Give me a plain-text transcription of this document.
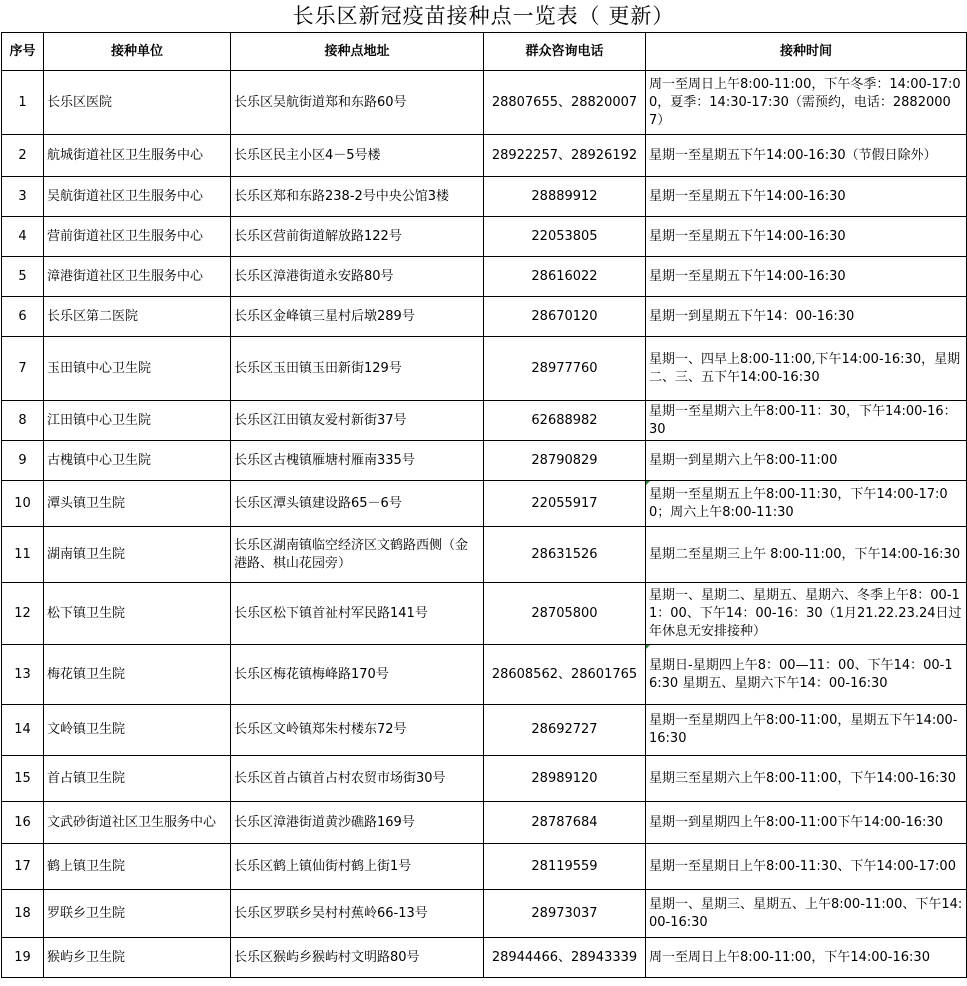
长乐区新冠疫苗接种点一览表（ 更新）
序号	接种单位	接种点地址	群众咨询电话	接种时间
1	长乐区医院	长乐区吴航街道郑和东路60号	28807655、28820007	周一至周日上午8:00-11:00，下午冬季：14:00-17:00，夏季：14:30-17:30（需预约，电话：28820007）
2	航城街道社区卫生服务中心	长乐区民主小区4－5号楼	28922257、28926192	星期一至星期五下午14:00-16:30（节假日除外）
3	吴航街道社区卫生服务中心	长乐区郑和东路238-2号中央公馆3楼	28889912	星期一至星期五下午14:00-16:30
4	营前街道社区卫生服务中心	长乐区营前街道解放路122号	22053805	星期一至星期五下午14:00-16:30
5	漳港街道社区卫生服务中心	长乐区漳港街道永安路80号	28616022	星期一至星期五下午14:00-16:30
6	长乐区第二医院	长乐区金峰镇三星村后墩289号	28670120	星期一到星期五下午14：00-16:30
7	玉田镇中心卫生院	长乐区玉田镇玉田新街129号	28977760	星期一、四早上8:00-11:00,下午14:00-16:30，星期二、三、五下午14:00-16:30
8	江田镇中心卫生院	长乐区江田镇友爱村新街37号	62688982	星期一至星期六上午8:00-11：30，下午14:00-16：30
9	古槐镇中心卫生院	长乐区古槐镇雁塘村雁南335号	28790829	星期一到星期六上午8:00-11:00
10	潭头镇卫生院	长乐区潭头镇建设路65－6号	22055917	星期一至星期五上午8:00-11:30，下午14:00-17:00；周六上午8:00-11:30
11	湖南镇卫生院	长乐区湖南镇临空经济区文鹤路西侧（金港路、棋山花园旁）	28631526	星期二至星期三上午 8:00-11:00，下午14:00-16:30
12	松下镇卫生院	长乐区松下镇首祉村军民路141号	28705800	星期一、星期二、星期五、星期六、冬季上午8：00-11：00、下午14：00-16：30（1月21.22.23.24日过年休息无安排接种）
13	梅花镇卫生院	长乐区梅花镇梅峰路170号	28608562、28601765	星期日-星期四上午8：00—11：00、下午14：00-16:30 星期五、星期六下午14：00-16:30
14	文岭镇卫生院	长乐区文岭镇郑朱村楼东72号	28692727	星期一至星期四上午8:00-11:00，星期五下午14:00-16:30
15	首占镇卫生院	长乐区首占镇首占村农贸市场街30号	28989120	星期三至星期六上午8:00-11:00，下午14:00-16:30
16	文武砂街道社区卫生服务中心	长乐区漳港街道黄沙礁路169号	28787684	星期一到星期四上午8:00-11:00下午14:00-16:30
17	鹤上镇卫生院	长乐区鹤上镇仙街村鹤上街1号	28119559	星期一至星期日上午8:00-11:30、下午14:00-17:00
18	罗联乡卫生院	长乐区罗联乡吴村村蕉岭66-13号	28973037	星期一、星期三、星期五、上午8:00-11:00、下午14:00-16:30
19	猴屿乡卫生院	长乐区猴屿乡猴屿村文明路80号	28944466、28943339	周一至周日上午8:00-11:00，下午14:00-16:30
